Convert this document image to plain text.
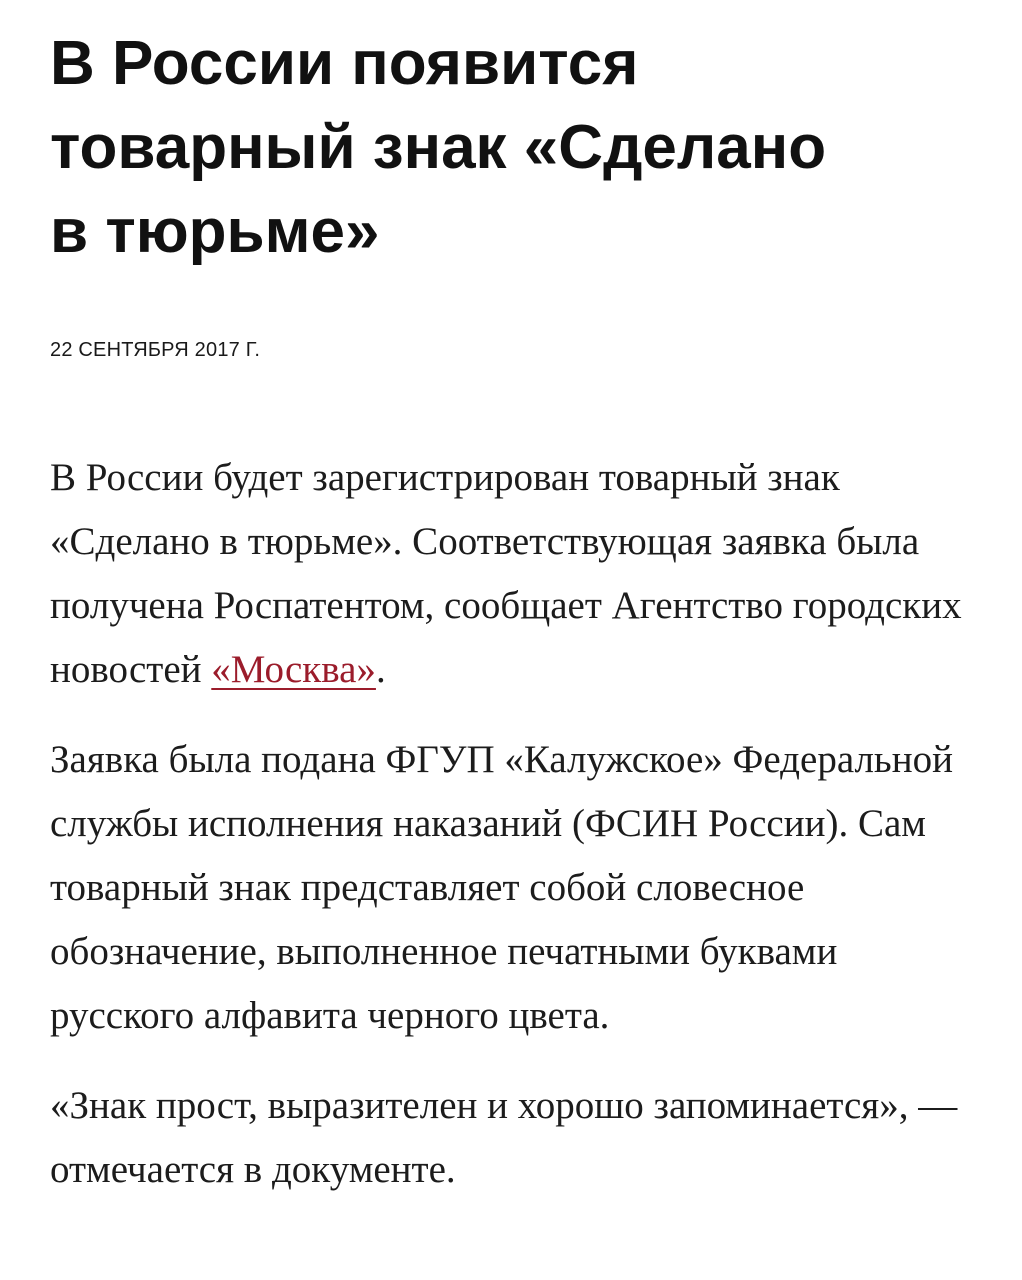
В России появится
товарный знак «Сделано
в тюрьме»
22 СЕНТЯБРЯ 2017 Г.

В России будет зарегистрирован товарный знак «Сделано в тюрьме». Соответствующая заявка была получена Роспатентом, сообщает Агентство городских новостей «Москва».

Заявка была подана ФГУП «Калужское» Федеральной службы исполнения наказаний (ФСИН России). Сам товарный знак представляет собой словесное обозначение, выполненное печатными буквами русского алфавита черного цвета.

«Знак прост, выразителен и хорошо запоминается», — отмечается в документе.
